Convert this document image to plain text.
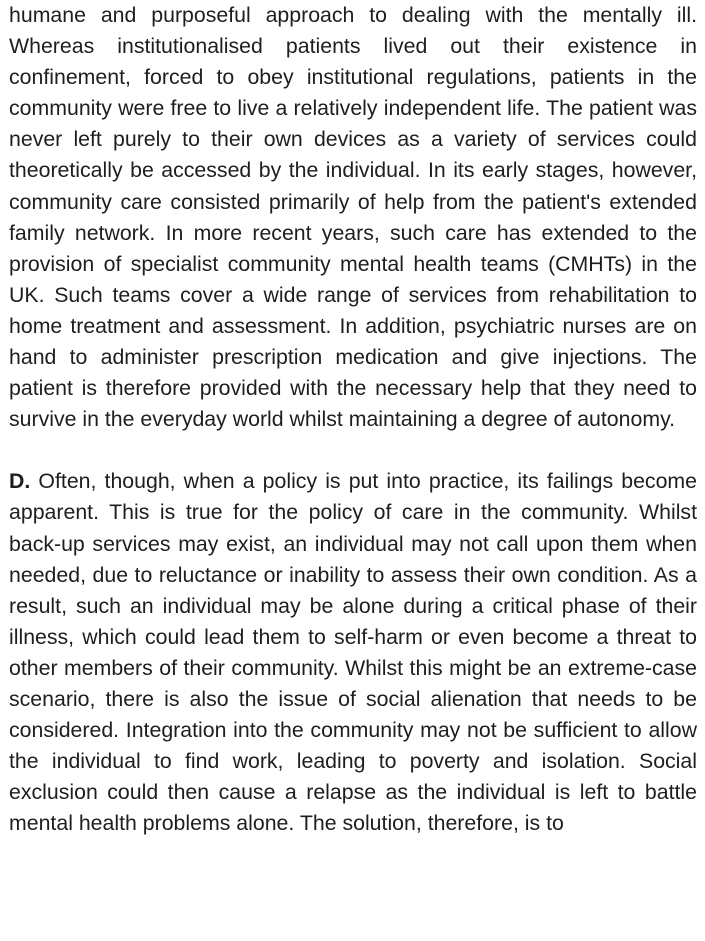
humane and purposeful approach to dealing with the mentally ill. Whereas institutionalised patients lived out their existence in confinement, forced to obey institutional regulations, patients in the community were free to live a relatively independent life. The patient was never left purely to their own devices as a variety of services could theoretically be accessed by the individual. In its early stages, however, community care consisted primarily of help from the patient's extended family network. In more recent years, such care has extended to the provision of specialist community mental health teams (CMHTs) in the UK. Such teams cover a wide range of services from rehabilitation to home treatment and assessment. In addition, psychiatric nurses are on hand to administer prescription medication and give injections. The patient is therefore provided with the necessary help that they need to survive in the everyday world whilst maintaining a degree of autonomy.

D. Often, though, when a policy is put into practice, its failings become apparent. This is true for the policy of care in the community. Whilst back-up services may exist, an individual may not call upon them when needed, due to reluctance or inability to assess their own condition. As a result, such an individual may be alone during a critical phase of their illness, which could lead them to self-harm or even become a threat to other members of their community. Whilst this might be an extreme-case scenario, there is also the issue of social alienation that needs to be considered. Integration into the community may not be sufficient to allow the individual to find work, leading to poverty and isolation. Social exclusion could then cause a relapse as the individual is left to battle mental health problems alone. The solution, therefore, is to
